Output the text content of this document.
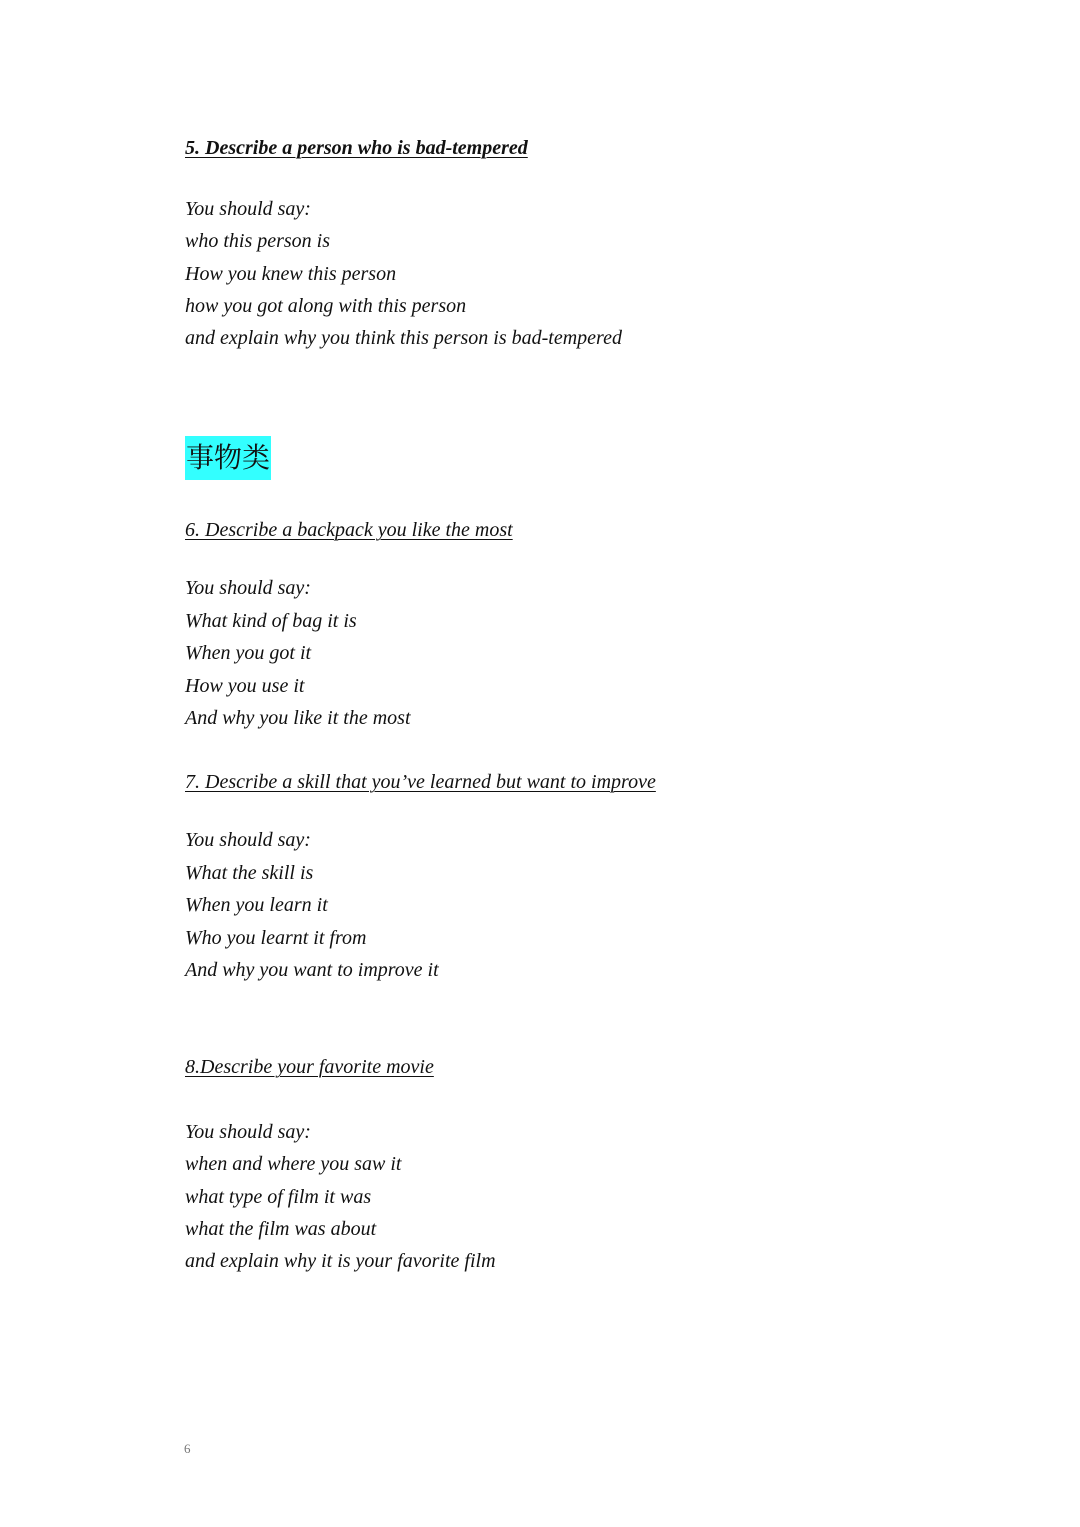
5. Describe a person who is bad-tempered
You should say:
who this person is
How you knew this person
how you got along with this person
and explain why you think this person is bad-tempered
事物类
6. Describe a backpack you like the most
You should say:
What kind of bag it is
When you got it
How you use it
And why you like it the most
7. Describe a skill that you’ve learned but want to improve
You should say:
What the skill is
When you learn it
Who you learnt it from
And why you want to improve it
8.Describe your favorite movie
You should say:
when and where you saw it
what type of film it was
what the film was about
and explain why it is your favorite film
6
